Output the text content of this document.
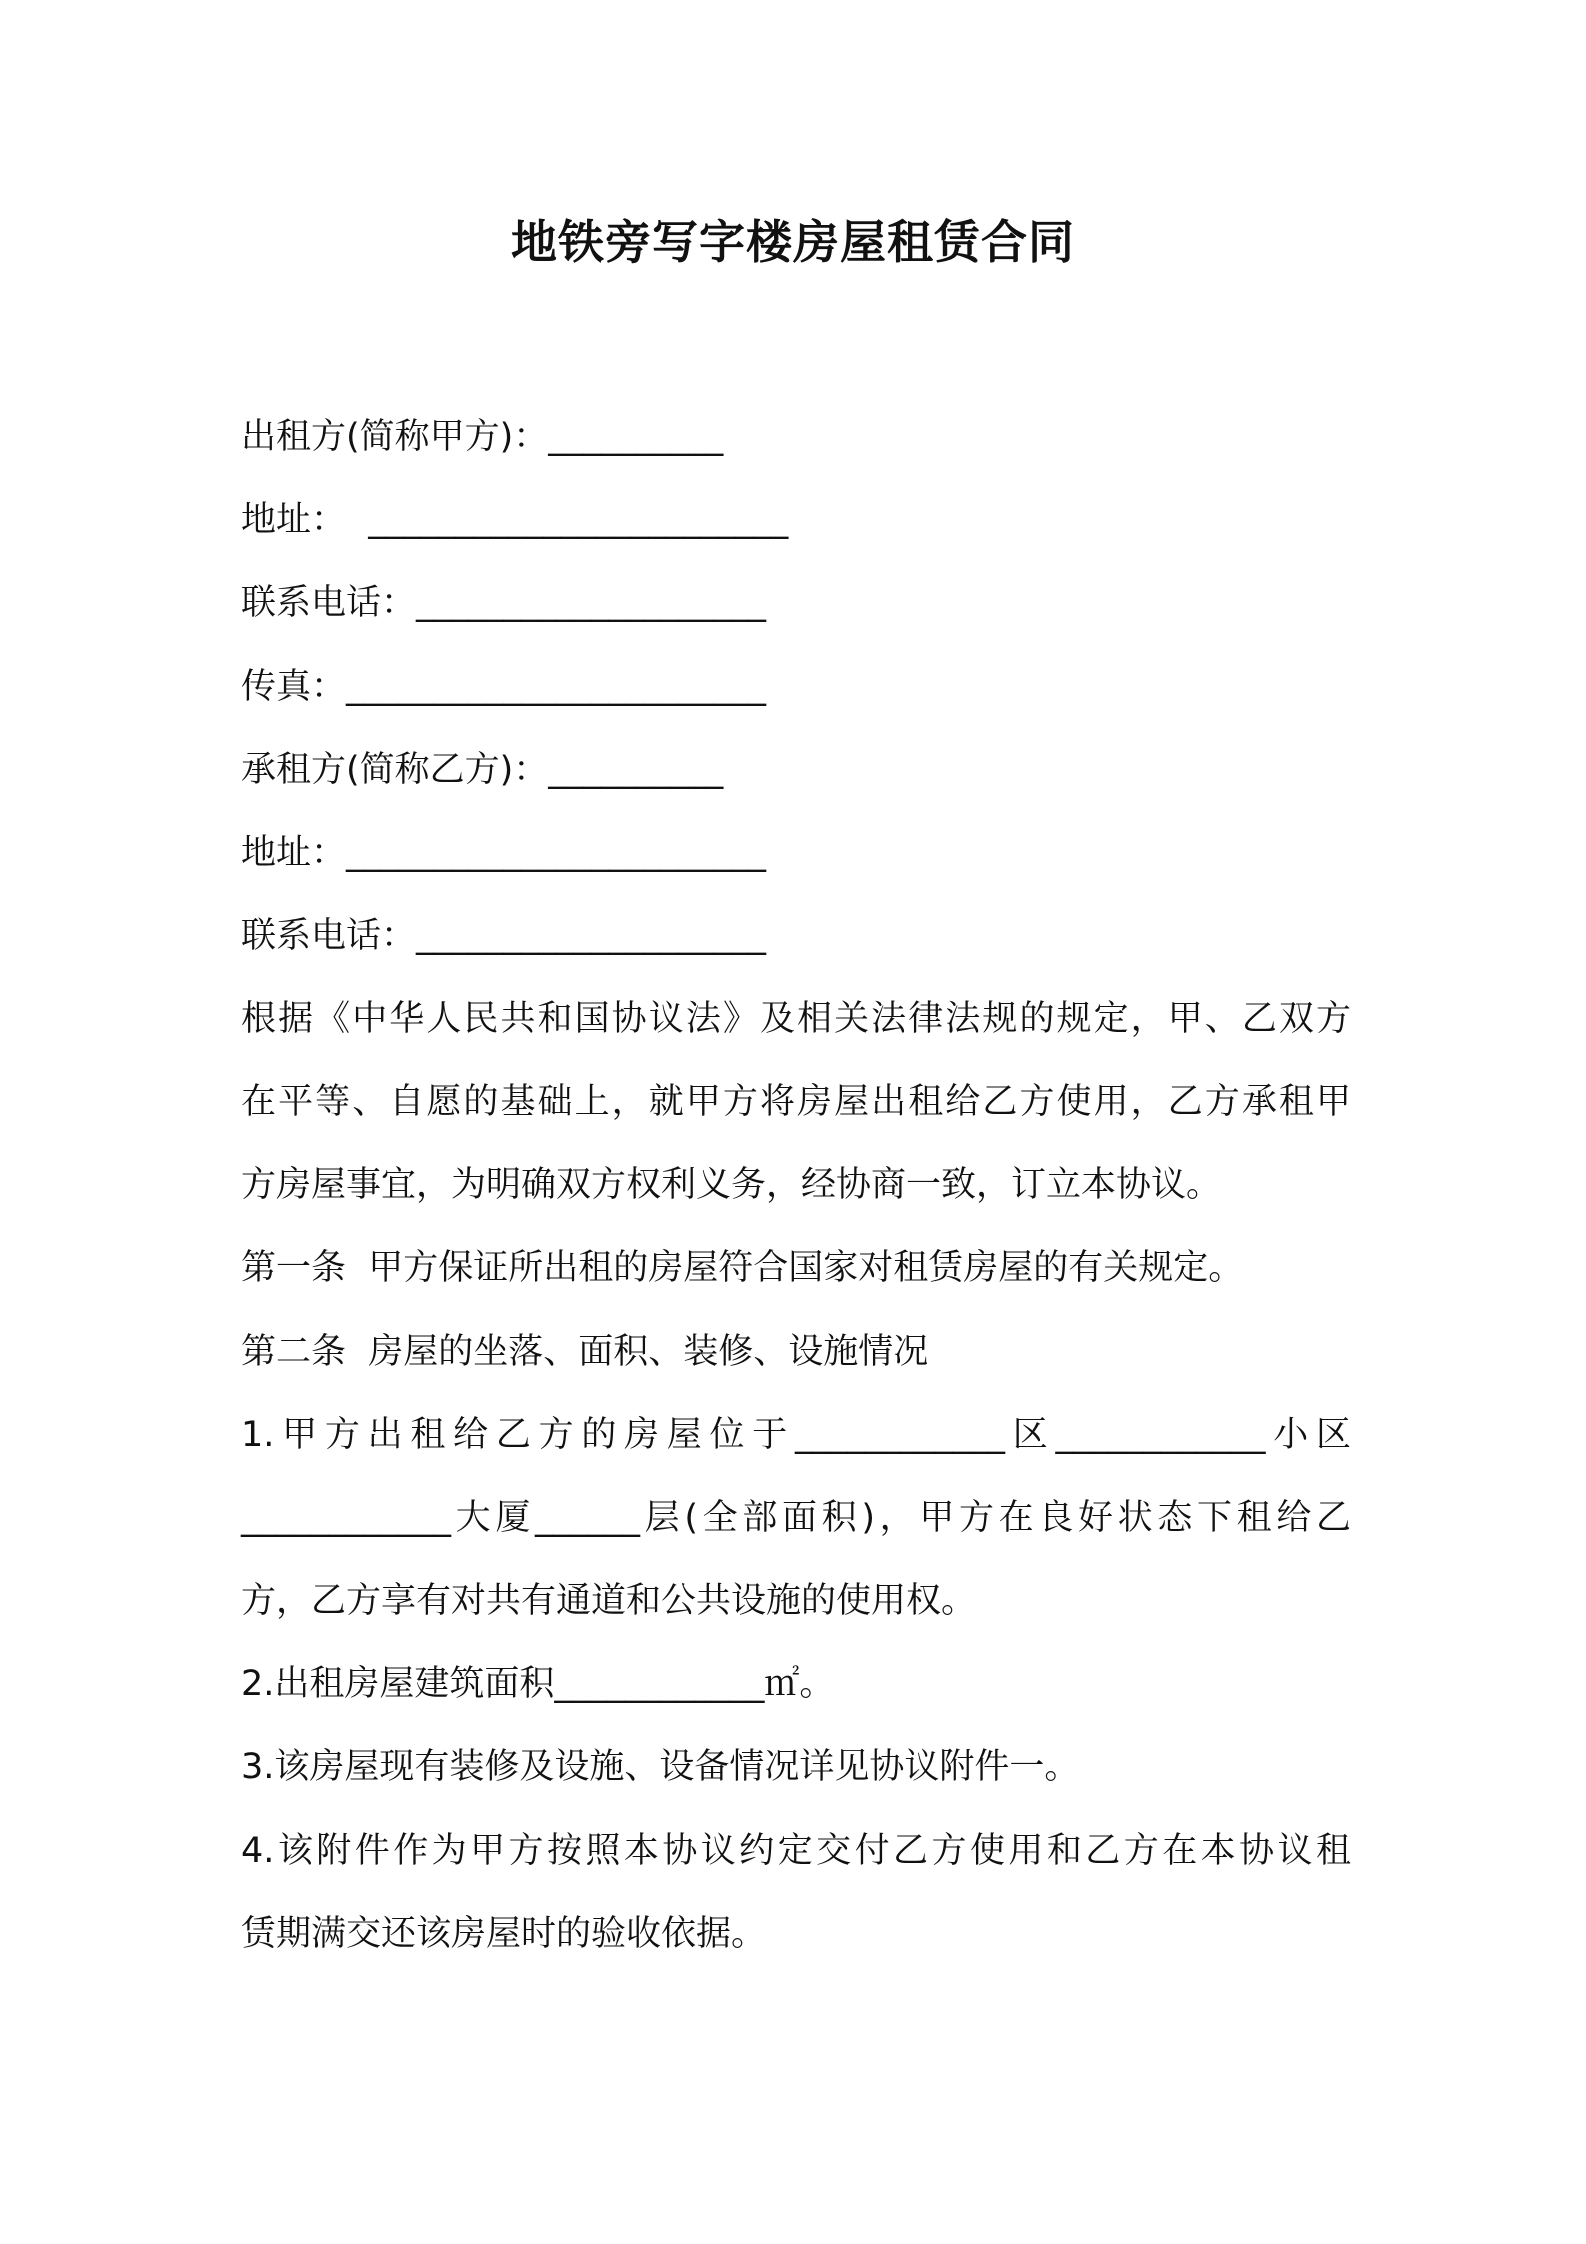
地铁旁写字楼房屋租赁合同
出租方(简称甲方)：__________
地址：  ________________________
联系电话：____________________
传真：________________________
承租方(简称乙方)：__________
地址：________________________
联系电话：____________________
根据《中华人民共和国协议法》及相关法律法规的规定，甲、乙双方
在平等、自愿的基础上，就甲方将房屋出租给乙方使用，乙方承租甲
方房屋事宜，为明确双方权利义务，经协商一致，订立本协议。
第一条  甲方保证所出租的房屋符合国家对租赁房屋的有关规定。
第二条  房屋的坐落、面积、装修、设施情况
1.甲方出租给乙方的房屋位于____________区____________小区
____________大厦______层(全部面积)，甲方在良好状态下租给乙
方，乙方享有对共有通道和公共设施的使用权。
2.出租房屋建筑面积____________㎡。
3.该房屋现有装修及设施、设备情况详见协议附件一。
4.该附件作为甲方按照本协议约定交付乙方使用和乙方在本协议租
赁期满交还该房屋时的验收依据。
